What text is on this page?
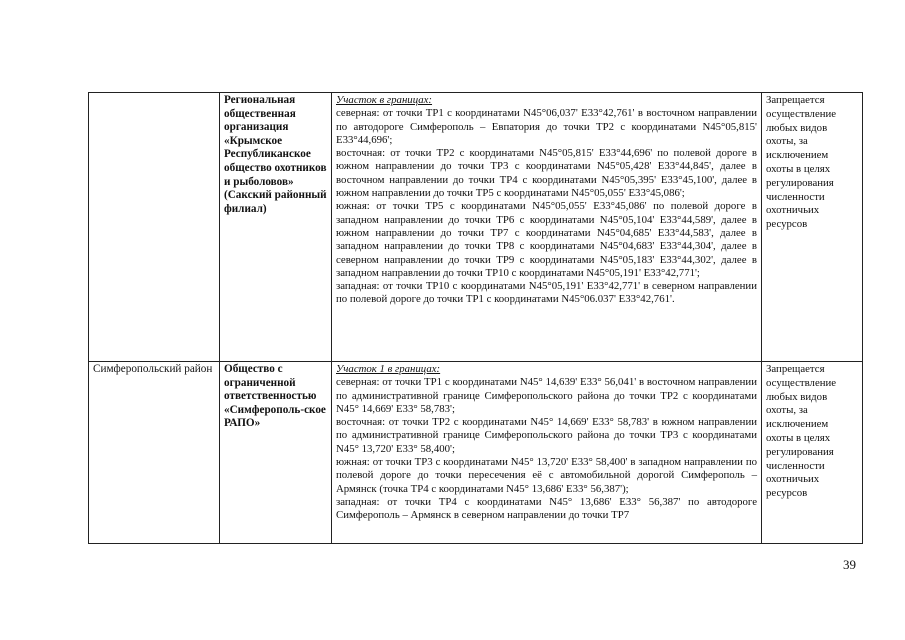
	Региональная общественная организация «Крымское Республиканское общество охотников и рыболовов» (Сакский районный филиал)	Участок в границах:

северная: от точки ТР1 с координатами N45°06,037' E33°42,761' в восточном направлении по автодороге Симферополь – Евпатория до точки ТР2 с координатами N45°05,815' E33°44,696';

восточная: от точки ТР2 с координатами N45°05,815' E33°44,696' по полевой дороге в южном направлении до точки ТР3 с координатами N45°05,428' E33°44,845', далее в восточном направлении до точки ТР4 с координатами N45°05,395' E33°45,100', далее в южном направлении до точки ТР5 с координатами N45°05,055' E33°45,086';

южная: от точки ТР5 с координатами N45°05,055' E33°45,086' по полевой дороге в западном направлении до точки ТР6 с координатами N45°05,104' E33°44,589', далее в южном направлении до точки ТР7 с координатами N45°04,685' E33°44,583', далее в западном направлении до точки ТР8 с координатами N45°04,683' E33°44,304', далее в северном направлении до точки ТР9 с координатами N45°05,183' E33°44,302', далее в западном направлении до точки ТР10 с координатами N45°05,191' E33°42,771';

западная: от точки ТР10 с координатами N45°05,191' E33°42,771' в северном направлении по полевой дороге до точки ТР1 с координатами N45°06.037' E33°42,761'.	Запрещается осуществление любых видов охоты, за исключением охоты в целях регулирования численности охотничьих ресурсов
Симферопольский район	Общество с ограниченной ответственностью «Симферополь-ское РАПО»	Участок 1 в границах:

северная: от точки ТР1 с координатами N45° 14,639' E33° 56,041' в восточном направлении по административной границе Симферопольского района до точки ТР2 с координатами N45° 14,669' E33° 58,783';

восточная: от точки ТР2 с координатами N45° 14,669' E33° 58,783' в южном направлении по административной границе Симферопольского района до точки ТР3 с координатами N45° 13,720' E33° 58,400';

южная: от точки ТР3 с координатами N45° 13,720' E33° 58,400' в западном направлении по полевой дороге до точки пересечения её с автомобильной дорогой Симферополь – Армянск (точка ТР4 с координатами N45° 13,686' E33° 56,387');

западная: от точки ТР4 с координатами N45° 13,686' E33° 56,387' по автодороге Симферополь – Армянск в северном направлении до точки ТР7	Запрещается осуществление любых видов охоты, за исключением охоты в целях регулирования численности охотничьих ресурсов
39
